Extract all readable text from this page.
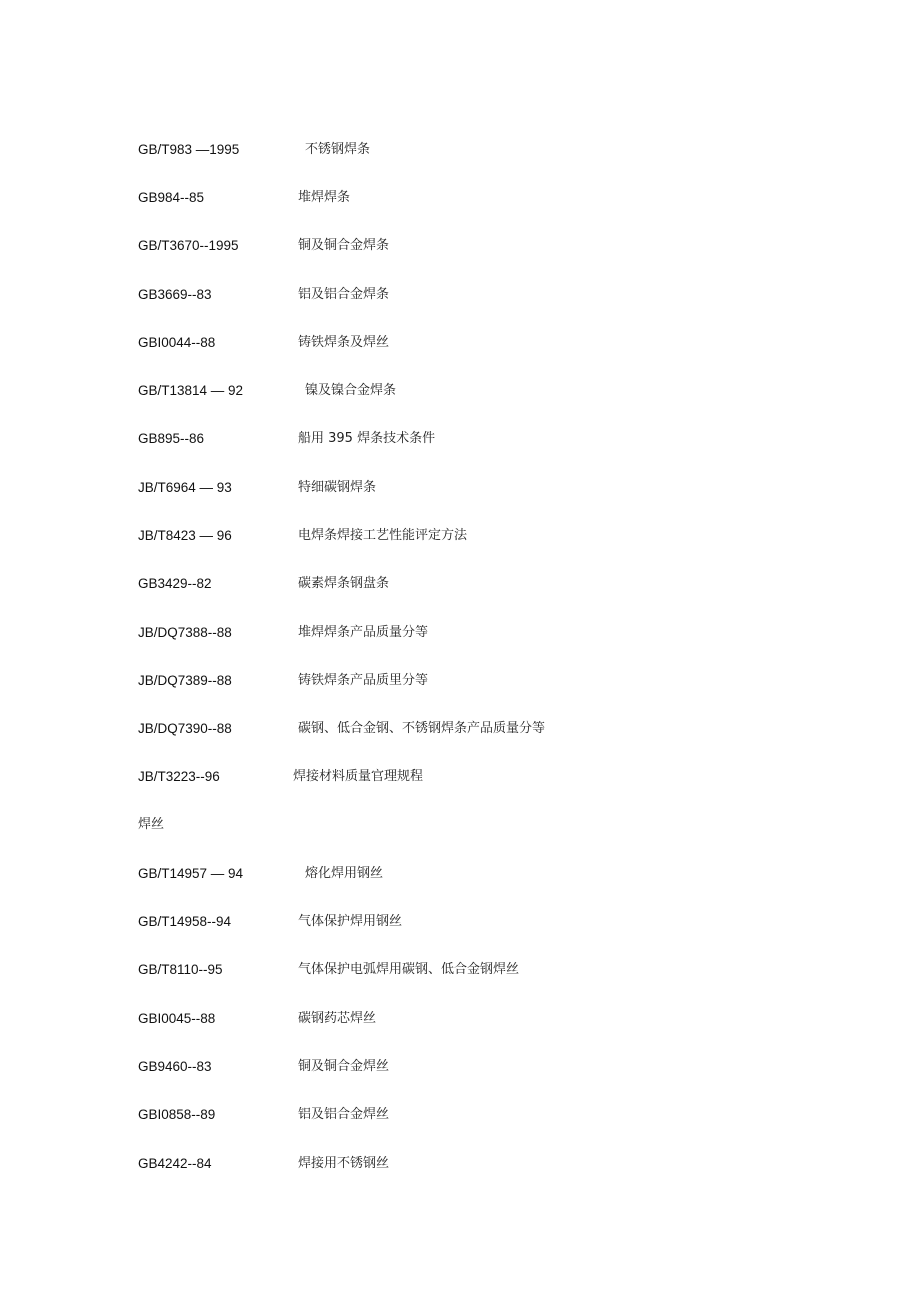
GB/T983 —1995	不锈钢焊条
GB984--85	堆焊焊条
GB/T3670--1995	铜及铜合金焊条
GB3669--83	铝及铝合金焊条
GBI0044--88	铸铁焊条及焊丝
GB/T13814 — 92	镍及镍合金焊条
GB895--86	船用 395 焊条技术条件
JB/T6964 — 93	特细碳钢焊条
JB/T8423 — 96	电焊条焊接工艺性能评定方法
GB3429--82	碳素焊条钢盘条
JB/DQ7388--88	堆焊焊条产品质量分等
JB/DQ7389--88	铸铁焊条产品质里分等
JB/DQ7390--88	碳钢、低合金钢、不锈钢焊条产品质量分等
JB/T3223--96	焊接材料质量官理规程
焊丝
GB/T14957 — 94	熔化焊用钢丝
GB/T14958--94	气体保护焊用钢丝
GB/T8110--95	气体保护电弧焊用碳钢、低合金钢焊丝
GBI0045--88	碳钢药芯焊丝
GB9460--83	铜及铜合金焊丝
GBI0858--89	铝及铝合金焊丝
GB4242--84	焊接用不锈钢丝
